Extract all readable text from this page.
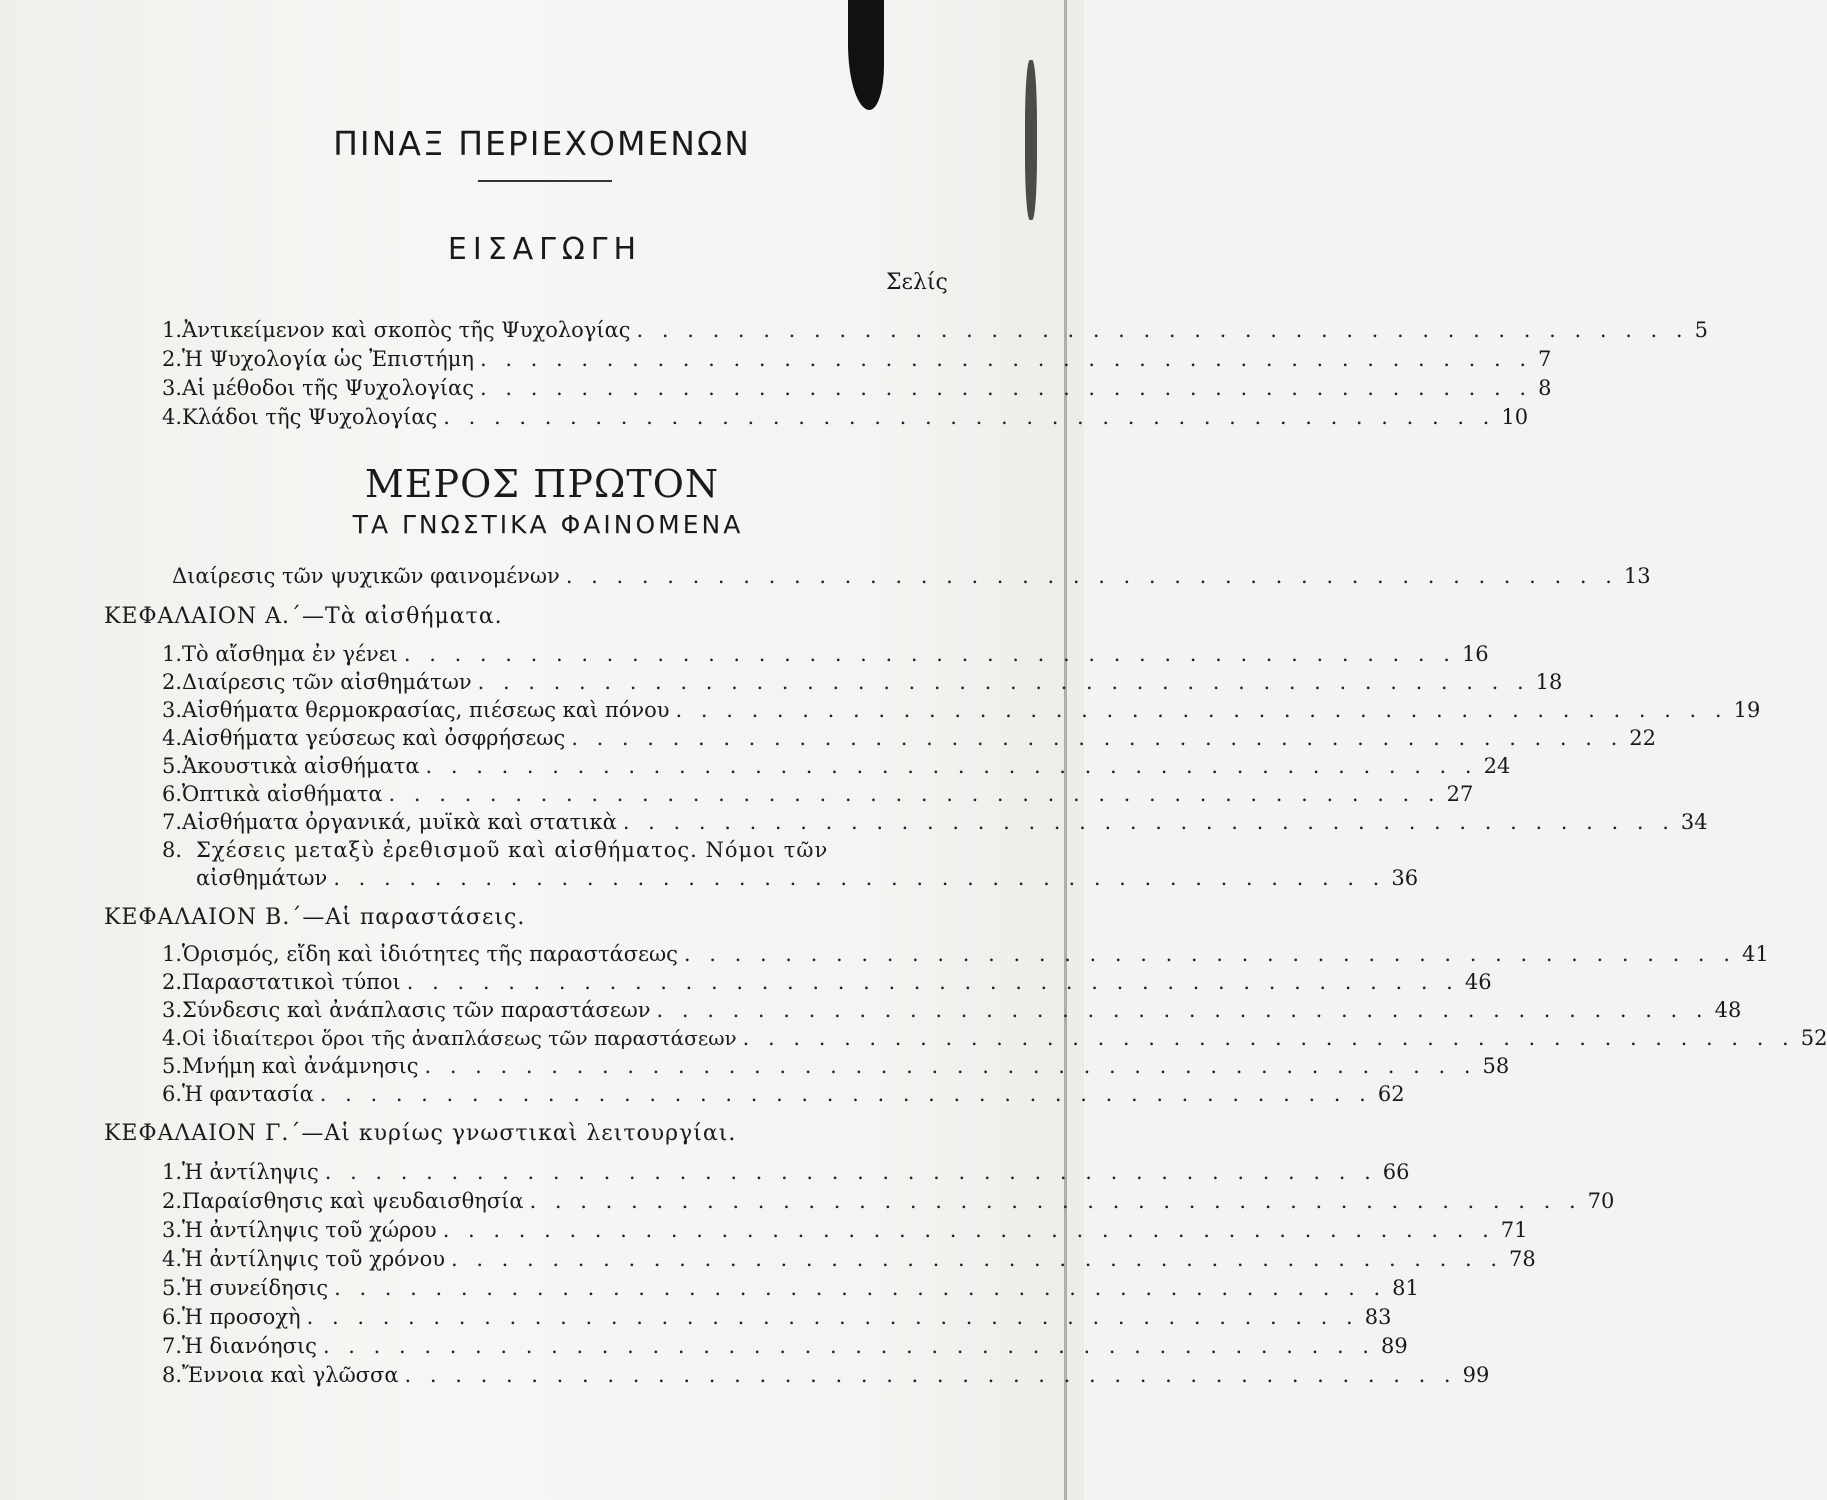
ΠΙΝΑΞ ΠΕΡΙΕΧΟΜΕΝΩΝ
ΕΙΣΑΓΩΓΗ
Σελίς
1. Ἀντικείμενον καὶ σκοπὸς τῆς Ψυχολογίας . . . . . . . . . . . . . . . . . . . . . . . . . . . . . . . . . . . . . . . . . . 5
2. Ἡ Ψυχολογία ὡς Ἐπιστήμη . . . . . . . . . . . . . . . . . . . . . . . . . . . . . . . . . . . . . . . . . . 7
3. Αἱ μέθοδοι τῆς Ψυχολογίας . . . . . . . . . . . . . . . . . . . . . . . . . . . . . . . . . . . . . . . . . . 8
4. Κλάδοι τῆς Ψυχολογίας . . . . . . . . . . . . . . . . . . . . . . . . . . . . . . . . . . . . . . . . . . 10
ΜΕΡΟΣ ΠΡΩΤΟΝ
ΤΑ ΓΝΩΣΤΙΚΑ ΦΑΙΝΟΜΕΝΑ
Διαίρεσις τῶν ψυχικῶν φαινομένων . . . . . . . . . . . . . . . . . . . . . . . . . . . . . . . . . . . . . . . . . . 13
ΚΕΦΑΛΑΙΟΝ Α.΄—Τὰ αἰσθήματα.
1. Τὸ αἴσθημα ἐν γένει . . . . . . . . . . . . . . . . . . . . . . . . . . . . . . . . . . . . . . . . . . 16
2. Διαίρεσις τῶν αἰσθημάτων . . . . . . . . . . . . . . . . . . . . . . . . . . . . . . . . . . . . . . . . . . 18
3. Αἰσθήματα θερμοκρασίας, πιέσεως καὶ πόνου . . . . . . . . . . . . . . . . . . . . . . . . . . . . . . . . . . . . . . . . . . 19
4. Αἰσθήματα γεύσεως καὶ ὀσφρήσεως . . . . . . . . . . . . . . . . . . . . . . . . . . . . . . . . . . . . . . . . . . 22
5. Ἀκουστικὰ αἰσθήματα . . . . . . . . . . . . . . . . . . . . . . . . . . . . . . . . . . . . . . . . . . 24
6. Ὀπτικὰ αἰσθήματα . . . . . . . . . . . . . . . . . . . . . . . . . . . . . . . . . . . . . . . . . . 27
7. Αἰσθήματα ὀργανικά, μυϊκὰ καὶ στατικὰ . . . . . . . . . . . . . . . . . . . . . . . . . . . . . . . . . . . . . . . . . . 34
8. Σχέσεις μεταξὺ ἐρεθισμοῦ καὶ αἰσθήματος. Νόμοι τῶν
αἰσθημάτων . . . . . . . . . . . . . . . . . . . . . . . . . . . . . . . . . . . . . . . . . . 36
ΚΕΦΑΛΑΙΟΝ Β.΄—Αἱ παραστάσεις.
1. Ὁρισμός, εἴδη καὶ ἰδιότητες τῆς παραστάσεως . . . . . . . . . . . . . . . . . . . . . . . . . . . . . . . . . . . . . . . . . . 41
2. Παραστατικοὶ τύποι . . . . . . . . . . . . . . . . . . . . . . . . . . . . . . . . . . . . . . . . . . 46
3. Σύνδεσις καὶ ἀνάπλασις τῶν παραστάσεων . . . . . . . . . . . . . . . . . . . . . . . . . . . . . . . . . . . . . . . . . . 48
4. Οἱ ἰδιαίτεροι ὅροι τῆς ἀναπλάσεως τῶν παραστάσεων . . . . . . . . . . . . . . . . . . . . . . . . . . . . . . . . . . . . . . . . . . 52
5. Μνήμη καὶ ἀνάμνησις . . . . . . . . . . . . . . . . . . . . . . . . . . . . . . . . . . . . . . . . . . 58
6. Ἡ φαντασία . . . . . . . . . . . . . . . . . . . . . . . . . . . . . . . . . . . . . . . . . . 62
ΚΕΦΑΛΑΙΟΝ Γ.΄—Αἱ κυρίως γνωστικαὶ λειτουργίαι.
1. Ἡ ἀντίληψις . . . . . . . . . . . . . . . . . . . . . . . . . . . . . . . . . . . . . . . . . . 66
2. Παραίσθησις καὶ ψευδαισθησία . . . . . . . . . . . . . . . . . . . . . . . . . . . . . . . . . . . . . . . . . . 70
3. Ἡ ἀντίληψις τοῦ χώρου . . . . . . . . . . . . . . . . . . . . . . . . . . . . . . . . . . . . . . . . . . 71
4. Ἡ ἀντίληψις τοῦ χρόνου . . . . . . . . . . . . . . . . . . . . . . . . . . . . . . . . . . . . . . . . . . 78
5. Ἡ συνείδησις . . . . . . . . . . . . . . . . . . . . . . . . . . . . . . . . . . . . . . . . . . 81
6. Ἡ προσοχὴ . . . . . . . . . . . . . . . . . . . . . . . . . . . . . . . . . . . . . . . . . . 83
7. Ἡ διανόησις . . . . . . . . . . . . . . . . . . . . . . . . . . . . . . . . . . . . . . . . . . 89
8. Ἔννοια καὶ γλῶσσα . . . . . . . . . . . . . . . . . . . . . . . . . . . . . . . . . . . . . . . . . . 99
